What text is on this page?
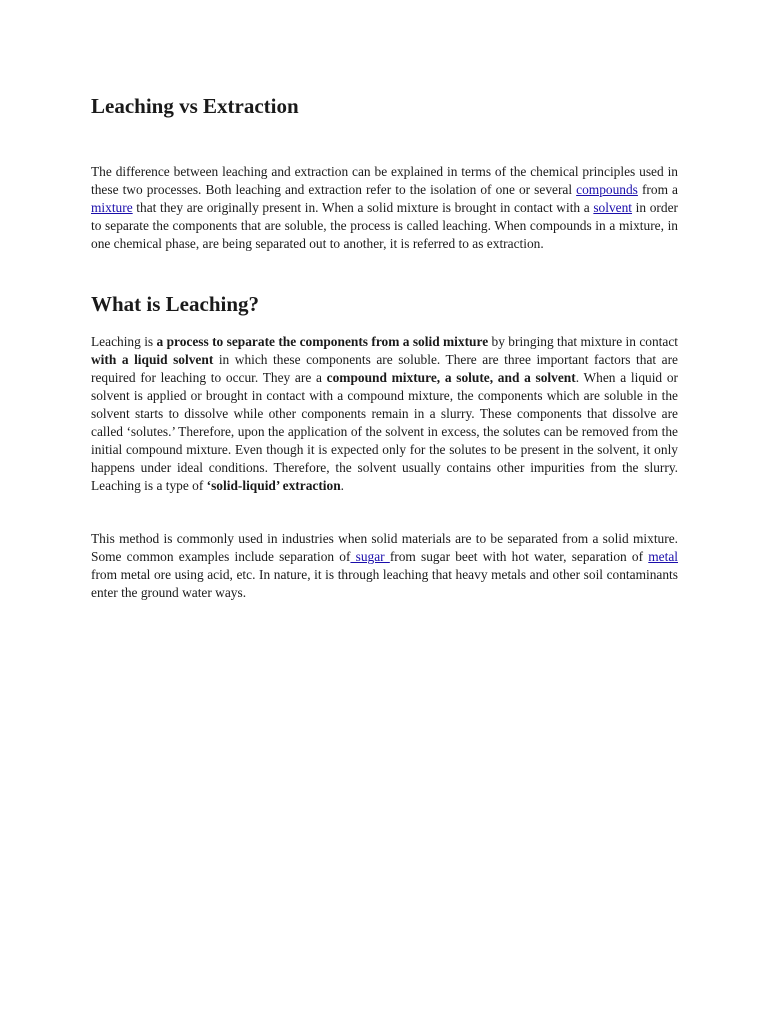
Leaching vs Extraction

The difference between leaching and extraction can be explained in terms of the chemical principles used in these two processes. Both leaching and extraction refer to the isolation of one or several compounds from a mixture that they are originally present in. When a solid mixture is brought in contact with a solvent in order to separate the components that are soluble, the process is called leaching. When compounds in a mixture, in one chemical phase, are being separated out to another, it is referred to as extraction.

What is Leaching?

Leaching is a process to separate the components from a solid mixture by bringing that mixture in contact with a liquid solvent in which these components are soluble. There are three important factors that are required for leaching to occur. They are a compound mixture, a solute, and a solvent. When a liquid or solvent is applied or brought in contact with a compound mixture, the components which are soluble in the solvent starts to dissolve while other components remain in a slurry. These components that dissolve are called ‘solutes.’ Therefore, upon the application of the solvent in excess, the solutes can be removed from the initial compound mixture. Even though it is expected only for the solutes to be present in the solvent, it only happens under ideal conditions. Therefore, the solvent usually contains other impurities from the slurry. Leaching is a type of ‘solid-liquid’ extraction.

This method is commonly used in industries when solid materials are to be separated from a solid mixture. Some common examples include separation of sugar from sugar beet with hot water, separation of metal from metal ore using acid, etc. In nature, it is through leaching that heavy metals and other soil contaminants enter the ground water ways.
